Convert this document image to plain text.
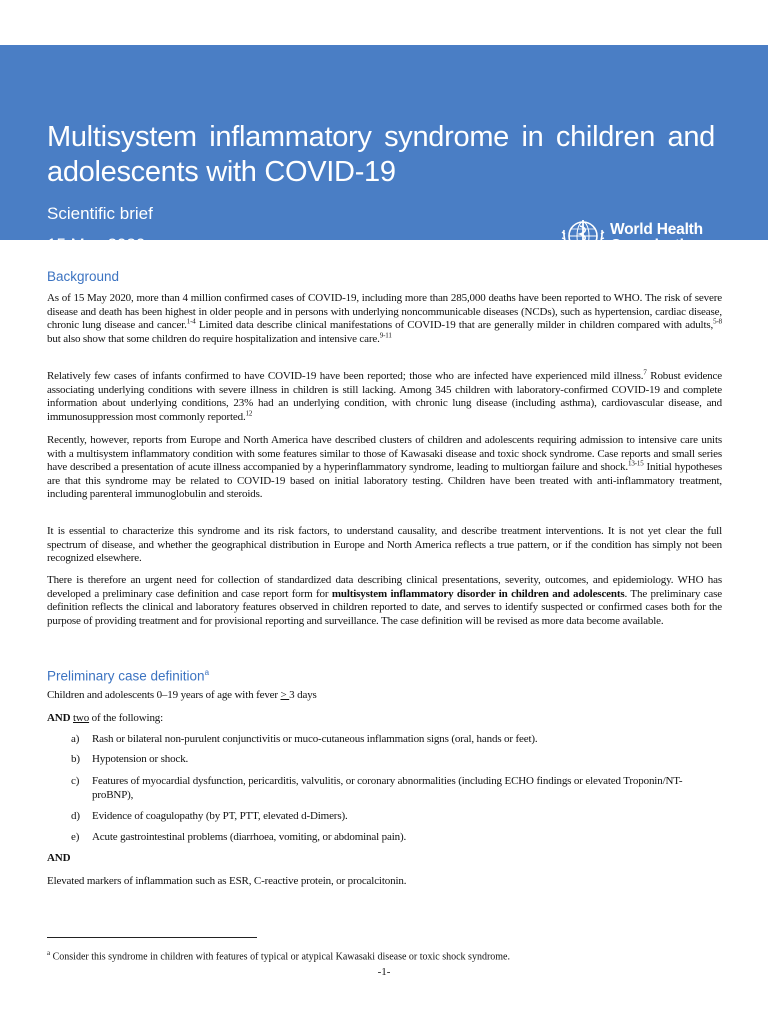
Multisystem inflammatory syndrome in children and adolescents with COVID-19
Scientific brief
15 May 2020
World Health
Organization
Background
As of 15 May 2020, more than 4 million confirmed cases of COVID-19, including more than 285,000 deaths have been reported to WHO. The risk of severe disease and death has been highest in older people and in persons with underlying noncommunicable diseases (NCDs), such as hypertension, cardiac disease, chronic lung disease and cancer.$^{1-4}$ Limited data describe clinical manifestations of COVID-19 that are generally milder in children compared with adults,$^{5-8}$ but also show that some children do require hospitalization and intensive care.$^{9-11}$
Relatively few cases of infants confirmed to have COVID-19 have been reported; those who are infected have experienced mild illness.$^7$ Robust evidence associating underlying conditions with severe illness in children is still lacking. Among 345 children with laboratory-confirmed COVID-19 and complete information about underlying conditions, 23% had an underlying condition, with chronic lung disease (including asthma), cardiovascular disease, and immunosuppression most commonly reported.$^{12}$
Recently, however, reports from Europe and North America have described clusters of children and adolescents requiring admission to intensive care units with a multisystem inflammatory condition with some features similar to those of Kawasaki disease and toxic shock syndrome. Case reports and small series have described a presentation of acute illness accompanied by a hyperinflammatory syndrome, leading to multiorgan failure and shock.$^{13-15}$ Initial hypotheses are that this syndrome may be related to COVID-19 based on initial laboratory testing. Children have been treated with anti-inflammatory treatment, including parenteral immunoglobulin and steroids.
It is essential to characterize this syndrome and its risk factors, to understand causality, and describe treatment interventions. It is not yet clear the full spectrum of disease, and whether the geographical distribution in Europe and North America reflects a true pattern, or if the condition has simply not been recognized elsewhere.
There is therefore an urgent need for collection of standardized data describing clinical presentations, severity, outcomes, and epidemiology. WHO has developed a preliminary case definition and case report form for multisystem inflammatory disorder in children and adolescents. The preliminary case definition reflects the clinical and laboratory features observed in children reported to date, and serves to identify suspected or confirmed cases both for the purpose of providing treatment and for provisional reporting and surveillance. The case definition will be revised as more data become available.
Preliminary case definition$^a$
Children and adolescents 0–19 years of age with fever > 3 days
AND two of the following:
a) Rash or bilateral non-purulent conjunctivitis or muco-cutaneous inflammation signs (oral, hands or feet).
b) Hypotension or shock.
c) Features of myocardial dysfunction, pericarditis, valvulitis, or coronary abnormalities (including ECHO findings or elevated Troponin/NT-proBNP),
d) Evidence of coagulopathy (by PT, PTT, elevated d-Dimers).
e) Acute gastrointestinal problems (diarrhoea, vomiting, or abdominal pain).
AND
Elevated markers of inflammation such as ESR, C-reactive protein, or procalcitonin.
$^a$ Consider this syndrome in children with features of typical or atypical Kawasaki disease or toxic shock syndrome.
-1-
